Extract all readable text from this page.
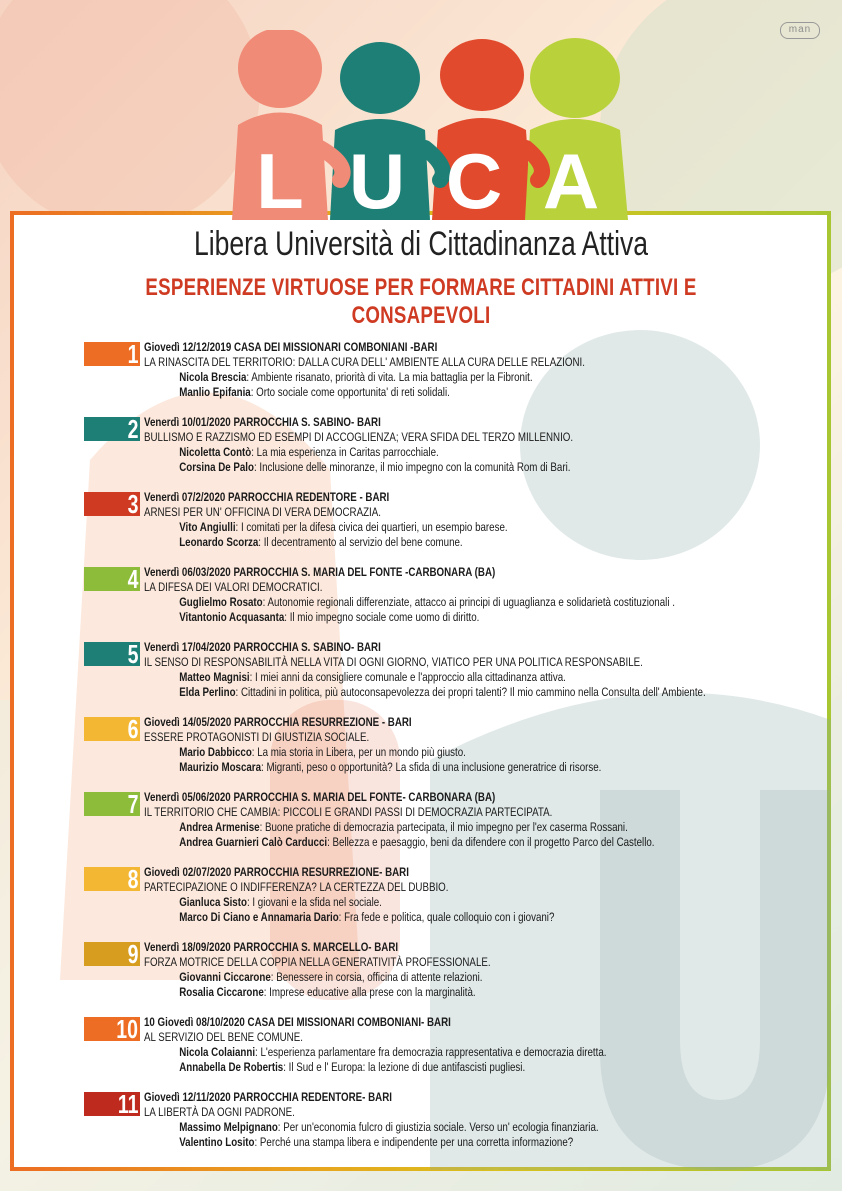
L U C A
man
Libera Università di Cittadinanza Attiva
ESPERIENZE VIRTUOSE PER FORMARE CITTADINI ATTIVI E CONSAPEVOLI
1 Giovedì 12/12/2019 CASA DEI MISSIONARI COMBONIANI -BARI
LA RINASCITA DEL TERRITORIO: DALLA CURA DELL' AMBIENTE ALLA CURA DELLE RELAZIONI.
Nicola Brescia: Ambiente risanato, priorità di vita. La mia battaglia per la Fibronit.
Manlio Epifania: Orto sociale come opportunita' di reti solidali.
2 Venerdì 10/01/2020 PARROCCHIA S. SABINO- BARI
BULLISMO E RAZZISMO ED ESEMPI DI ACCOGLIENZA; VERA SFIDA DEL TERZO MILLENNIO.
Nicoletta Contò: La mia esperienza in Caritas parrocchiale.
Corsina De Palo: Inclusione delle minoranze, il mio impegno con la comunità Rom di Bari.
3 Venerdì 07/2/2020 PARROCCHIA REDENTORE - BARI
ARNESI PER UN' OFFICINA DI VERA DEMOCRAZIA.
Vito Angiulli: I comitati per la difesa civica dei quartieri, un esempio barese.
Leonardo Scorza: Il decentramento al servizio del bene comune.
4 Venerdì 06/03/2020 PARROCCHIA S. MARIA DEL FONTE -CARBONARA (BA)
LA DIFESA DEI VALORI DEMOCRATICI.
Guglielmo Rosato: Autonomie regionali differenziate, attacco ai principi di uguaglianza e solidarietà costituzionali .
Vitantonio Acquasanta: Il mio impegno sociale come uomo di diritto.
5 Venerdì 17/04/2020 PARROCCHIA S. SABINO- BARI
IL SENSO DI RESPONSABILITÀ NELLA VITA DI OGNI GIORNO, VIATICO PER UNA POLITICA RESPONSABILE.
Matteo Magnisi: I miei anni da consigliere comunale e l'approccio alla cittadinanza attiva.
Elda Perlino: Cittadini in politica, più autoconsapevolezza dei propri talenti? Il mio cammino nella Consulta dell' Ambiente.
6 Giovedì 14/05/2020 PARROCCHIA RESURREZIONE - BARI
ESSERE PROTAGONISTI DI GIUSTIZIA SOCIALE.
Mario Dabbicco: La mia storia in Libera, per un mondo più giusto.
Maurizio Moscara: Migranti, peso o opportunità? La sfida di una inclusione generatrice di risorse.
7 Venerdì 05/06/2020 PARROCCHIA S. MARIA DEL FONTE- CARBONARA (BA)
IL TERRITORIO CHE CAMBIA: PICCOLI E GRANDI PASSI DI DEMOCRAZIA PARTECIPATA.
Andrea Armenise: Buone pratiche di democrazia partecipata, il mio impegno per l'ex caserma Rossani.
Andrea Guarnieri Calò Carducci: Bellezza e paesaggio, beni da difendere con il progetto Parco del Castello.
8 Giovedì 02/07/2020 PARROCCHIA RESURREZIONE- BARI
PARTECIPAZIONE O INDIFFERENZA? LA CERTEZZA DEL DUBBIO.
Gianluca Sisto: I giovani e la sfida nel sociale.
Marco Di Ciano e Annamaria Dario: Fra fede e politica, quale colloquio con i giovani?
9 Venerdì 18/09/2020 PARROCCHIA S. MARCELLO- BARI
FORZA MOTRICE DELLA COPPIA NELLA GENERATIVITÀ PROFESSIONALE.
Giovanni Ciccarone: Benessere in corsia, officina di attente relazioni.
Rosalia Ciccarone: Imprese educative alla prese con la marginalità.
10 10 Giovedì 08/10/2020 CASA DEI MISSIONARI COMBONIANI- BARI
AL SERVIZIO DEL BENE COMUNE.
Nicola Colaianni: L'esperienza parlamentare fra democrazia rappresentativa e democrazia diretta.
Annabella De Robertis: Il Sud e l' Europa: la lezione di due antifascisti pugliesi.
11 Giovedì 12/11/2020 PARROCCHIA REDENTORE- BARI
LA LIBERTÀ DA OGNI PADRONE.
Massimo Melpignano: Per un'economia fulcro di giustizia sociale. Verso un' ecologia finanziaria.
Valentino Losito: Perché una stampa libera e indipendente per una corretta informazione?
